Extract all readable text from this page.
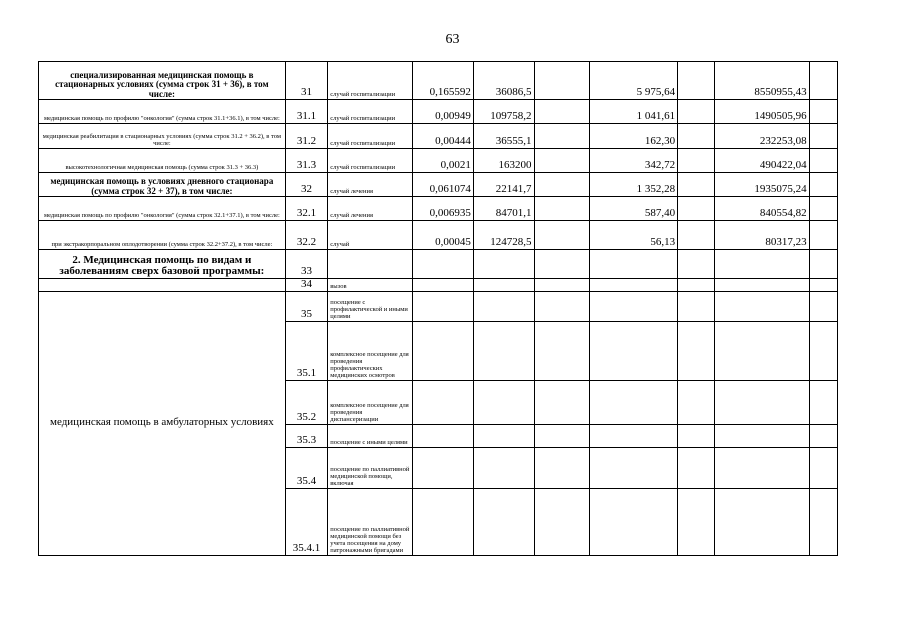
63
специализированная медицинская помощь в стационарных условиях (сумма строк 31 + 36), в том числе:	31	случай госпитализации	0,165592	36086,5		5 975,64		8550955,43	
медицинская помощь по профилю "онкология" (сумма строк 31.1+36.1), в том числе:	31.1	случай госпитализации	0,00949	109758,2		1 041,61		1490505,96	
медицинская реабилитация в стационарных условиях (сумма строк 31.2 + 36.2), в том числе:	31.2	случай госпитализации	0,00444	36555,1		162,30		232253,08	
высокотехнологичная медицинская помощь (сумма строк 31.3 + 36.3)	31.3	случай госпитализации	0,0021	163200		342,72		490422,04	
медицинская помощь в условиях дневного стационара (сумма строк 32 + 37), в том числе:	32	случай лечения	0,061074	22141,7		1 352,28		1935075,24	
медицинская помощь по профилю "онкология" (сумма строк 32.1+37.1), в том числе:	32.1	случай лечения	0,006935	84701,1		587,40		840554,82	
при экстракорпоральном оплодотворении (сумма строк 32.2+37.2), в том числе:	32.2	случай	0,00045	124728,5		56,13		80317,23	
2. Медицинская помощь по видам и заболеваниям сверх базовой программы:	33								
	34	вызов							
медицинская помощь в амбулаторных условиях	35	посещение с профилактической и иными целями							
	35.1	комплексное посещение для проведения профилактических медицинских осмотров							
	35.2	комплексное посещение для проведения диспансеризации							
	35.3	посещение с иными целями							
	35.4	посещение по паллиативной медицинской помощи, включая							
	35.4.1	посещение по паллиативной медицинской помощи без учета посещения на дому патронажными бригадами							
